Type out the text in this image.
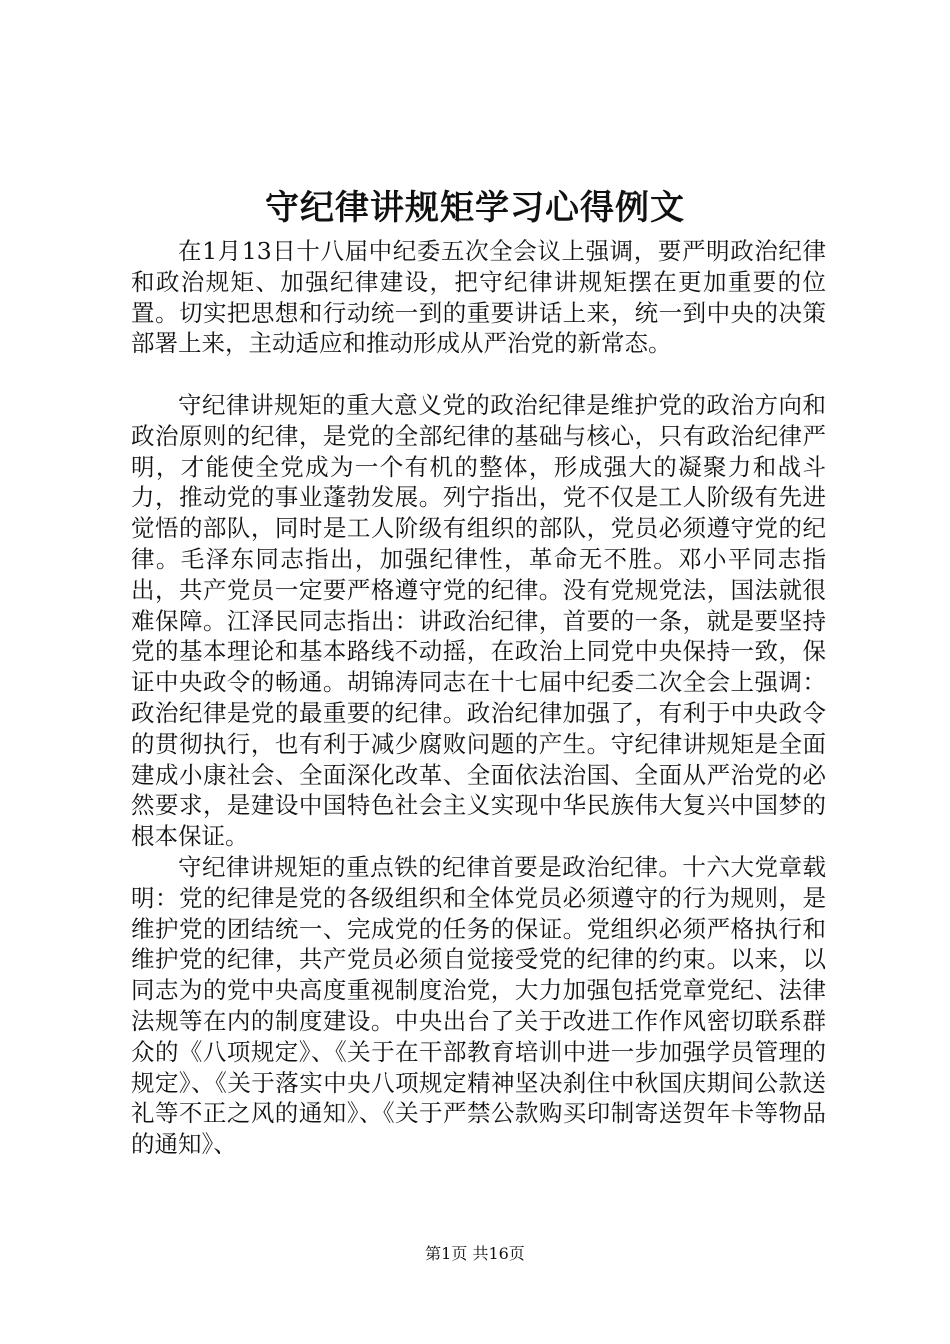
守纪律讲规矩学习心得例文

在1月13日十八届中纪委五次全会议上强调，要严明政治纪律和政治规矩、加强纪律建设，把守纪律讲规矩摆在更加重要的位置。切实把思想和行动统一到的重要讲话上来，统一到中央的决策部署上来，主动适应和推动形成从严治党的新常态。

守纪律讲规矩的重大意义党的政治纪律是维护党的政治方向和政治原则的纪律，是党的全部纪律的基础与核心，只有政治纪律严明，才能使全党成为一个有机的整体，形成强大的凝聚力和战斗力，推动党的事业蓬勃发展。列宁指出，党不仅是工人阶级有先进觉悟的部队，同时是工人阶级有组织的部队，党员必须遵守党的纪律。毛泽东同志指出，加强纪律性，革命无不胜。邓小平同志指出，共产党员一定要严格遵守党的纪律。没有党规党法，国法就很难保障。江泽民同志指出：讲政治纪律，首要的一条，就是要坚持党的基本理论和基本路线不动摇，在政治上同党中央保持一致，保证中央政令的畅通。胡锦涛同志在十七届中纪委二次全会上强调：政治纪律是党的最重要的纪律。政治纪律加强了，有利于中央政令的贯彻执行，也有利于减少腐败问题的产生。守纪律讲规矩是全面建成小康社会、全面深化改革、全面依法治国、全面从严治党的必然要求，是建设中国特色社会主义实现中华民族伟大复兴中国梦的根本保证。

守纪律讲规矩的重点铁的纪律首要是政治纪律。十六大党章载明：党的纪律是党的各级组织和全体党员必须遵守的行为规则，是维护党的团结统一、完成党的任务的保证。党组织必须严格执行和维护党的纪律，共产党员必须自觉接受党的纪律的约束。以来，以同志为的党中央高度重视制度治党，大力加强包括党章党纪、法律法规等在内的制度建设。中央出台了关于改进工作作风密切联系群众的《八项规定》、《关于在干部教育培训中进一步加强学员管理的规定》、《关于落实中央八项规定精神坚决刹住中秋国庆期间公款送礼等不正之风的通知》、《关于严禁公款购买印制寄送贺年卡等物品的通知》、

第1页 共16页
